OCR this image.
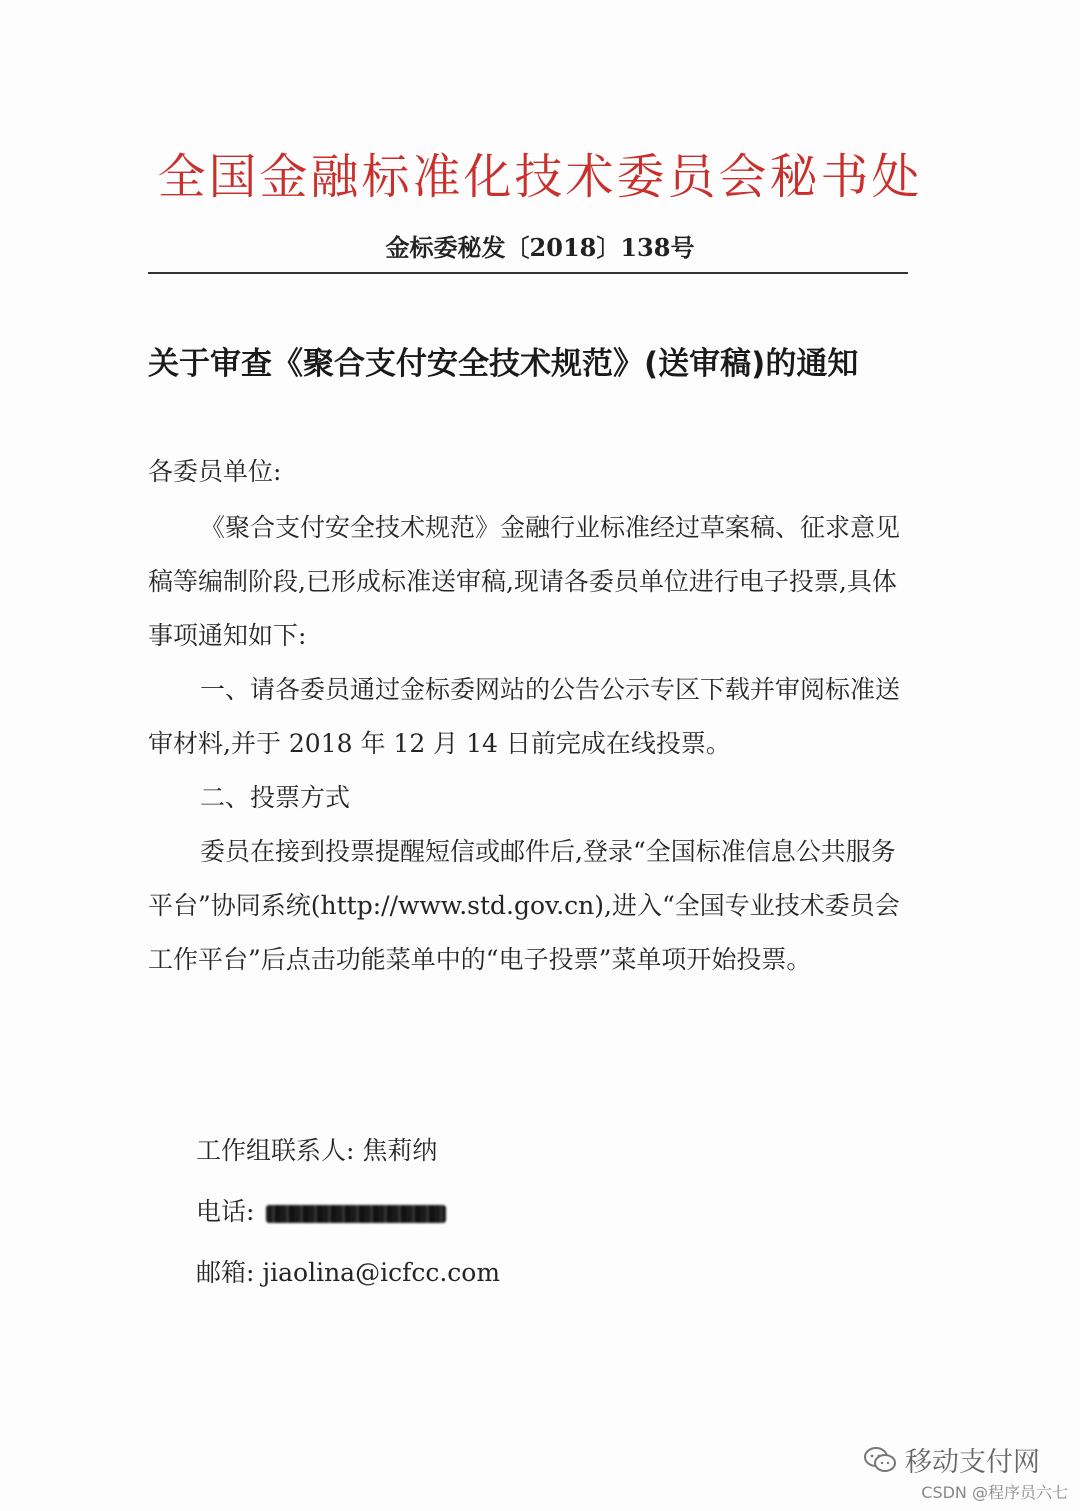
全国金融标准化技术委员会秘书处
金标委秘发〔2018〕138号
关于审查《聚合支付安全技术规范》(送审稿)的通知

各委员单位:

《聚合支付安全技术规范》金融行业标准经过草案稿、征求意见稿等编制阶段,已形成标准送审稿,现请各委员单位进行电子投票,具体事项通知如下:

一、请各委员通过金标委网站的公告公示专区下载并审阅标准送审材料,并于 2018 年 12 月 14 日前完成在线投票。

二、投票方式

委员在接到投票提醒短信或邮件后,登录“全国标准信息公共服务平台”协同系统(http://www.std.gov.cn),进入“全国专业技术委员会工作平台”后点击功能菜单中的“电子投票”菜单项开始投票。

工作组联系人: 焦莉纳
电话:
邮箱: jiaolina@icfcc.com
移动支付网
CSDN @程序员六七
